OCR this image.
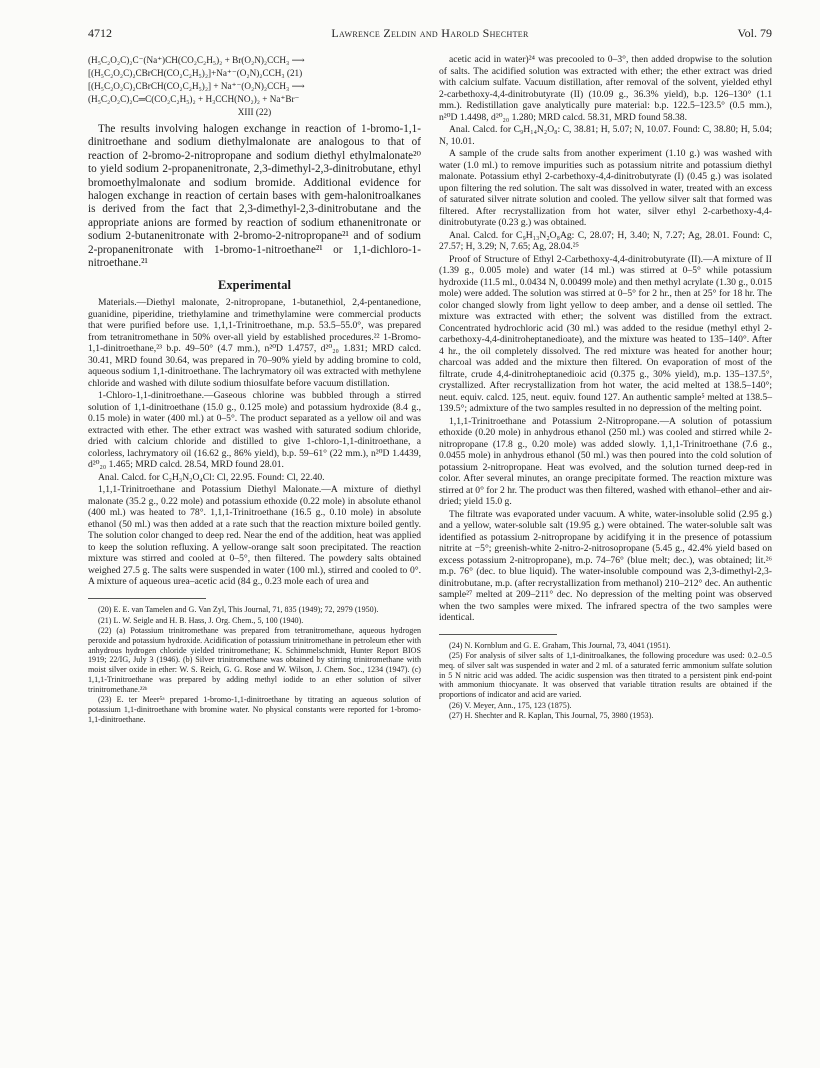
4712	Lawrence Zeldin and Harold Shechter	Vol. 79
(H₅C₂O₂C)₂C⁻(Na⁺)CH(CO₂C₂H₅)₂ + Br(O₂N)₂CCH₃ ⟶
[(H₅C₂O₂C)₂CBrCH(CO₂C₂H₅)₂]+Na⁺⁻(O₂N)₂CCH₃ (21)
[(H₅C₂O₂C)₂CBrCH(CO₂C₂H₅)₂] + Na⁺⁻(O₂N)₂CCH₃ ⟶
(H₅C₂O₂C)₂C═C(CO₂C₂H₅)₂ + H₃CCH(NO₂)₂ + Na⁺Br⁻
XIII (22)

The results involving halogen exchange in reaction of 1-bromo-1,1-dinitroethane and sodium diethylmalonate are analogous to that of reaction of 2-bromo-2-nitropropane and sodium diethyl ethylmalonate²⁰ to yield sodium 2-propanenitronate, 2,3-dimethyl-2,3-dinitrobutane, ethyl bromoethylmalonate and sodium bromide. Additional evidence for halogen exchange in reaction of certain bases with gem-halonitroalkanes is derived from the fact that 2,3-dimethyl-2,3-dinitrobutane and the appropriate anions are formed by reaction of sodium ethanenitronate or sodium 2-butanenitronate with 2-bromo-2-nitropropane²¹ and of sodium 2-propanenitronate with 1-bromo-1-nitroethane²¹ or 1,1-dichloro-1-nitroethane.²¹

Experimental

Materials.—Diethyl malonate, 2-nitropropane, 1-butanethiol, 2,4-pentanedione, guanidine, piperidine, triethylamine and trimethylamine were commercial products that were purified before use. 1,1,1-Trinitroethane, m.p. 53.5–55.0°, was prepared from tetranitromethane in 50% over-all yield by established procedures.²² 1-Bromo-1,1-dinitroethane,²³ b.p. 49–50° (4.7 mm.), n²⁰D 1.4757, d²⁰₂₀ 1.831; MRD calcd. 30.41, MRD found 30.64, was prepared in 70–90% yield by adding bromine to cold, aqueous sodium 1,1-dinitroethane. The lachrymatory oil was extracted with methylene chloride and washed with dilute sodium thiosulfate before vacuum distillation.

1-Chloro-1,1-dinitroethane.—Gaseous chlorine was bubbled through a stirred solution of 1,1-dinitroethane (15.0 g., 0.125 mole) and potassium hydroxide (8.4 g., 0.15 mole) in water (400 ml.) at 0–5°. The product separated as a yellow oil and was extracted with ether. The ether extract was washed with saturated sodium chloride, dried with calcium chloride and distilled to give 1-chloro-1,1-dinitroethane, a colorless, lachrymatory oil (16.62 g., 86% yield), b.p. 59–61° (22 mm.), n²⁰D 1.4439, d²⁰₂₀ 1.465; MRD calcd. 28.54, MRD found 28.01.

Anal. Calcd. for C₂H₃N₂O₄Cl: Cl, 22.95. Found: Cl, 22.40.

1,1,1-Trinitroethane and Potassium Diethyl Malonate.—A mixture of diethyl malonate (35.2 g., 0.22 mole) and potassium ethoxide (0.22 mole) in absolute ethanol (400 ml.) was heated to 78°. 1,1,1-Trinitroethane (16.5 g., 0.10 mole) in absolute ethanol (50 ml.) was then added at a rate such that the reaction mixture boiled gently. The solution color changed to deep red. Near the end of the addition, heat was applied to keep the solution refluxing. A yellow-orange salt soon precipitated. The reaction mixture was stirred and cooled at 0–5°, then filtered. The powdery salts obtained weighed 27.5 g. The salts were suspended in water (100 ml.), stirred and cooled to 0°. A mixture of aqueous urea–acetic acid (84 g., 0.23 mole each of urea and

(20) E. E. van Tamelen and G. Van Zyl, This Journal, 71, 835 (1949); 72, 2979 (1950).

(21) L. W. Seigle and H. B. Hass, J. Org. Chem., 5, 100 (1940).

(22) (a) Potassium trinitromethane was prepared from tetranitromethane, aqueous hydrogen peroxide and potassium hydroxide. Acidification of potassium trinitromethane in petroleum ether with anhydrous hydrogen chloride yielded trinitromethane; K. Schimmelschmidt, Hunter Report BIOS 1919; 22/IG, July 3 (1946). (b) Silver trinitromethane was obtained by stirring trinitromethane with moist silver oxide in ether: W. S. Reich, G. G. Rose and W. Wilson, J. Chem. Soc., 1234 (1947). (c) 1,1,1-Trinitroethane was prepared by adding methyl iodide to an ether solution of silver trinitromethane.²²ᵇ

(23) E. ter Meer⁵ᵃ prepared 1-bromo-1,1-dinitroethane by titrating an aqueous solution of potassium 1,1-dinitroethane with bromine water. No physical constants were reported for 1-bromo-1,1-dinitroethane.

acetic acid in water)²⁴ was precooled to 0–3°, then added dropwise to the solution of salts. The acidified solution was extracted with ether; the ether extract was dried with calcium sulfate. Vacuum distillation, after removal of the solvent, yielded ethyl 2-carbethoxy-4,4-dinitrobutyrate (II) (10.09 g., 36.3% yield), b.p. 126–130° (1.1 mm.). Redistillation gave analytically pure material: b.p. 122.5–123.5° (0.5 mm.), n²⁰D 1.4498, d²⁰₂₀ 1.280; MRD calcd. 58.31, MRD found 58.38.

Anal. Calcd. for C₉H₁₄N₂O₈: C, 38.81; H, 5.07; N, 10.07. Found: C, 38.80; H, 5.04; N, 10.01.

A sample of the crude salts from another experiment (1.10 g.) was washed with water (1.0 ml.) to remove impurities such as potassium nitrite and potassium diethyl malonate. Potassium ethyl 2-carbethoxy-4,4-dinitrobutyrate (I) (0.45 g.) was isolated upon filtering the red solution. The salt was dissolved in water, treated with an excess of saturated silver nitrate solution and cooled. The yellow silver salt that formed was filtered. After recrystallization from hot water, silver ethyl 2-carbethoxy-4,4-dinitrobutyrate (0.23 g.) was obtained.

Anal. Calcd. for C₉H₁₃N₂O₈Ag: C, 28.07; H, 3.40; N, 7.27; Ag, 28.01. Found: C, 27.57; H, 3.29; N, 7.65; Ag, 28.04.²⁵

Proof of Structure of Ethyl 2-Carbethoxy-4,4-dinitrobutyrate (II).—A mixture of II (1.39 g., 0.005 mole) and water (14 ml.) was stirred at 0–5° while potassium hydroxide (11.5 ml., 0.0434 N, 0.00499 mole) and then methyl acrylate (1.30 g., 0.015 mole) were added. The solution was stirred at 0–5° for 2 hr., then at 25° for 18 hr. The color changed slowly from light yellow to deep amber, and a dense oil settled. The mixture was extracted with ether; the solvent was distilled from the extract. Concentrated hydrochloric acid (30 ml.) was added to the residue (methyl ethyl 2-carbethoxy-4,4-dinitroheptanedioate), and the mixture was heated to 135–140°. After 4 hr., the oil completely dissolved. The red mixture was heated for another hour; charcoal was added and the mixture then filtered. On evaporation of most of the filtrate, crude 4,4-dinitroheptanedioic acid (0.375 g., 30% yield), m.p. 135–137.5°, crystallized. After recrystallization from hot water, the acid melted at 138.5–140°; neut. equiv. calcd. 125, neut. equiv. found 127. An authentic sample⁵ melted at 138.5–139.5°; admixture of the two samples resulted in no depression of the melting point.

1,1,1-Trinitroethane and Potassium 2-Nitropropane.—A solution of potassium ethoxide (0.20 mole) in anhydrous ethanol (250 ml.) was cooled and stirred while 2-nitropropane (17.8 g., 0.20 mole) was added slowly. 1,1,1-Trinitroethane (7.6 g., 0.0455 mole) in anhydrous ethanol (50 ml.) was then poured into the cold solution of potassium 2-nitropropane. Heat was evolved, and the solution turned deep-red in color. After several minutes, an orange precipitate formed. The reaction mixture was stirred at 0° for 2 hr. The product was then filtered, washed with ethanol–ether and air-dried; yield 15.0 g.

The filtrate was evaporated under vacuum. A white, water-insoluble solid (2.95 g.) and a yellow, water-soluble salt (19.95 g.) were obtained. The water-soluble salt was identified as potassium 2-nitropropane by acidifying it in the presence of potassium nitrite at −5°; greenish-white 2-nitro-2-nitrosopropane (5.45 g., 42.4% yield based on excess potassium 2-nitropropane), m.p. 74–76° (blue melt; dec.), was obtained; lit.²⁶ m.p. 76° (dec. to blue liquid). The water-insoluble compound was 2,3-dimethyl-2,3-dinitrobutane, m.p. (after recrystallization from methanol) 210–212° dec. An authentic sample²⁷ melted at 209–211° dec. No depression of the melting point was observed when the two samples were mixed. The infrared spectra of the two samples were identical.

(24) N. Kornblum and G. E. Graham, This Journal, 73, 4041 (1951).

(25) For analysis of silver salts of 1,1-dinitroalkanes, the following procedure was used: 0.2–0.5 meq. of silver salt was suspended in water and 2 ml. of a saturated ferric ammonium sulfate solution in 5 N nitric acid was added. The acidic suspension was then titrated to a persistent pink end-point with ammonium thiocyanate. It was observed that variable titration results are obtained if the proportions of indicator and acid are varied.

(26) V. Meyer, Ann., 175, 123 (1875).

(27) H. Shechter and R. Kaplan, This Journal, 75, 3980 (1953).
